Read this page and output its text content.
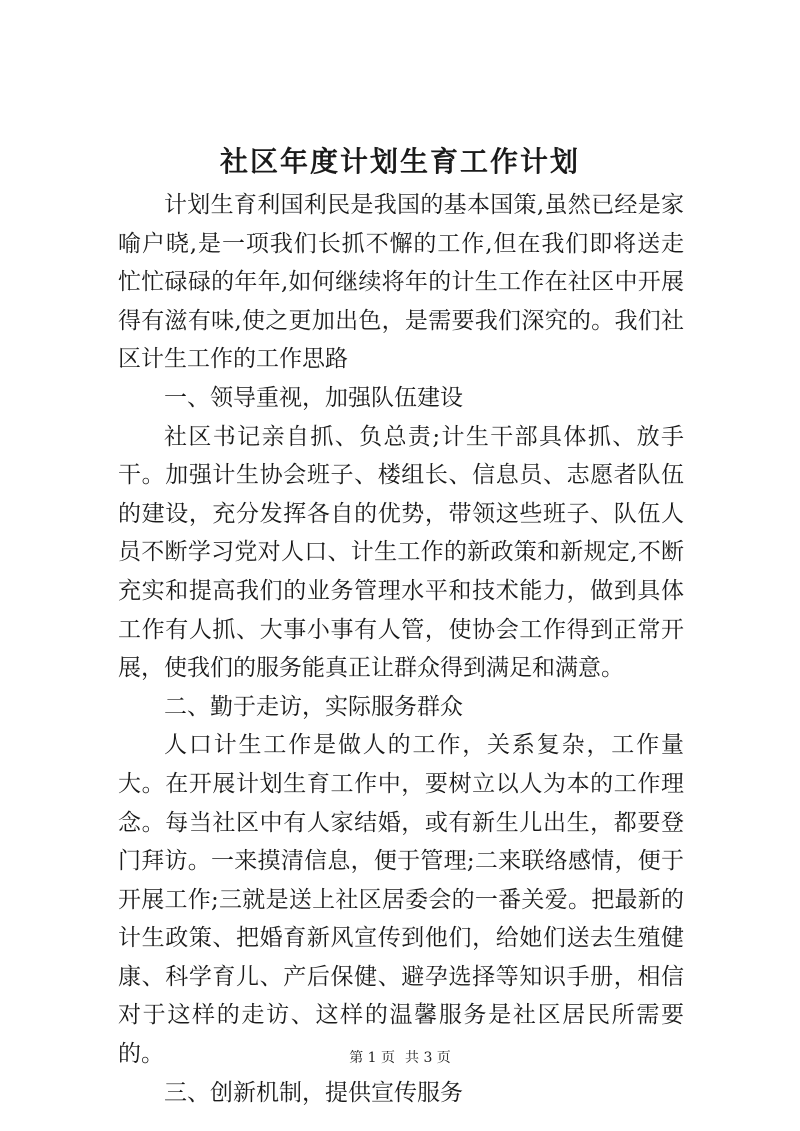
社区年度计划生育工作计划

计划生育利国利民是我国的基本国策,虽然已经是家喻户晓,是一项我们长抓不懈的工作,但在我们即将送走忙忙碌碌的年年,如何继续将年的计生工作在社区中开展得有滋有味,使之更加出色，是需要我们深究的。我们社区计生工作的工作思路

一、领导重视，加强队伍建设

社区书记亲自抓、负总责;计生干部具体抓、放手干。加强计生协会班子、楼组长、信息员、志愿者队伍的建设，充分发挥各自的优势，带领这些班子、队伍人员不断学习党对人口、计生工作的新政策和新规定,不断充实和提高我们的业务管理水平和技术能力，做到具体工作有人抓、大事小事有人管，使协会工作得到正常开展，使我们的服务能真正让群众得到满足和满意。

二、勤于走访，实际服务群众

人口计生工作是做人的工作，关系复杂，工作量大。在开展计划生育工作中，要树立以人为本的工作理念。每当社区中有人家结婚，或有新生儿出生，都要登门拜访。一来摸清信息，便于管理;二来联络感情，便于开展工作;三就是送上社区居委会的一番关爱。把最新的计生政策、把婚育新风宣传到他们，给她们送去生殖健康、科学育儿、产后保健、避孕选择等知识手册，相信对于这样的走访、这样的温馨服务是社区居民所需要的。

三、创新机制，提供宣传服务

第 1 页 共 3 页
